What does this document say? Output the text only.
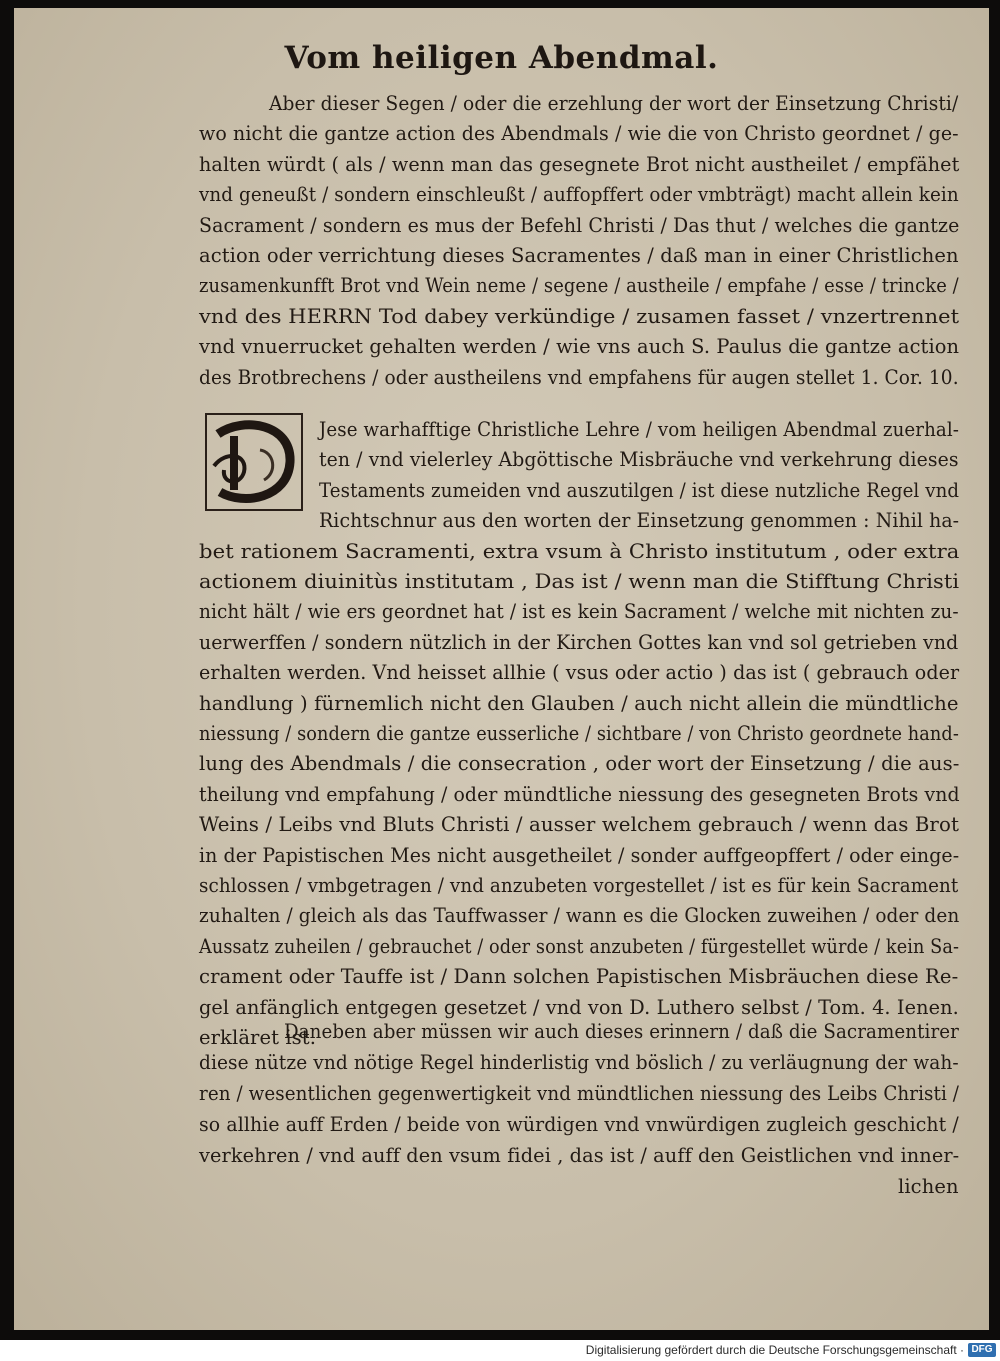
Vom heiligen Abendmal.
Aber dieser Segen / oder die erzehlung der wort der Einsetzung Christi/
wo nicht die gantze action des Abendmals / wie die von Christo geordnet / ge-
halten würdt ( als / wenn man das gesegnete Brot nicht austheilet / empfähet
vnd geneußt / sondern einschleußt / auffopffert oder vmbträgt) macht allein kein
Sacrament / sondern es mus der Befehl Christi / Das thut / welches die gantze
action oder verrichtung dieses Sacramentes / daß man in einer Christlichen
zusamenkunfft Brot vnd Wein neme / segene / austheile / empfahe / esse / trincke /
vnd des HERRN Tod dabey verkündige / zusamen fasset / vnzertrennet
vnd vnuerrucket gehalten werden / wie vns auch S. Paulus die gantze action
des Brotbrechens / oder austheilens vnd empfahens für augen stellet 1. Cor. 10.
Jese warhafftige Christliche Lehre / vom heiligen Abendmal zuerhal-
ten / vnd vielerley Abgöttische Misbräuche vnd verkehrung dieses
Testaments zumeiden vnd auszutilgen / ist diese nutzliche Regel vnd
Richtschnur aus den worten der Einsetzung genommen : Nihil ha-
bet rationem Sacramenti, extra vsum à Christo institutum , oder extra
actionem diuinitùs institutam , Das ist / wenn man die Stifftung Christi
nicht hält / wie ers geordnet hat / ist es kein Sacrament / welche mit nichten zu-
uerwerffen / sondern nützlich in der Kirchen Gottes kan vnd sol getrieben vnd
erhalten werden. Vnd heisset allhie ( vsus oder actio ) das ist ( gebrauch oder
handlung ) fürnemlich nicht den Glauben / auch nicht allein die mündtliche
niessung / sondern die gantze eusserliche / sichtbare / von Christo geordnete hand-
lung des Abendmals / die consecration , oder wort der Einsetzung / die aus-
theilung vnd empfahung / oder mündtliche niessung des gesegneten Brots vnd
Weins / Leibs vnd Bluts Christi / ausser welchem gebrauch / wenn das Brot
in der Papistischen Mes nicht ausgetheilet / sonder auffgeopffert / oder einge-
schlossen / vmbgetragen / vnd anzubeten vorgestellet / ist es für kein Sacrament
zuhalten / gleich als das Tauffwasser / wann es die Glocken zuweihen / oder den
Aussatz zuheilen / gebrauchet / oder sonst anzubeten / fürgestellet würde / kein Sa-
crament oder Tauffe ist / Dann solchen Papistischen Misbräuchen diese Re-
gel anfänglich entgegen gesetzet / vnd von D. Luthero selbst / Tom. 4. Ienen.
erkläret ist.
Daneben aber müssen wir auch dieses erinnern / daß die Sacramentirer
diese nütze vnd nötige Regel hinderlistig vnd böslich / zu verläugnung der wah-
ren / wesentlichen gegenwertigkeit vnd mündtlichen niessung des Leibs Christi /
so allhie auff Erden / beide von würdigen vnd vnwürdigen zugleich geschicht /
verkehren / vnd auff den vsum fidei , das ist / auff den Geistlichen vnd inner-
lichen
Digitalisierung gefördert durch die Deutsche Forschungsgemeinschaft · DFG
